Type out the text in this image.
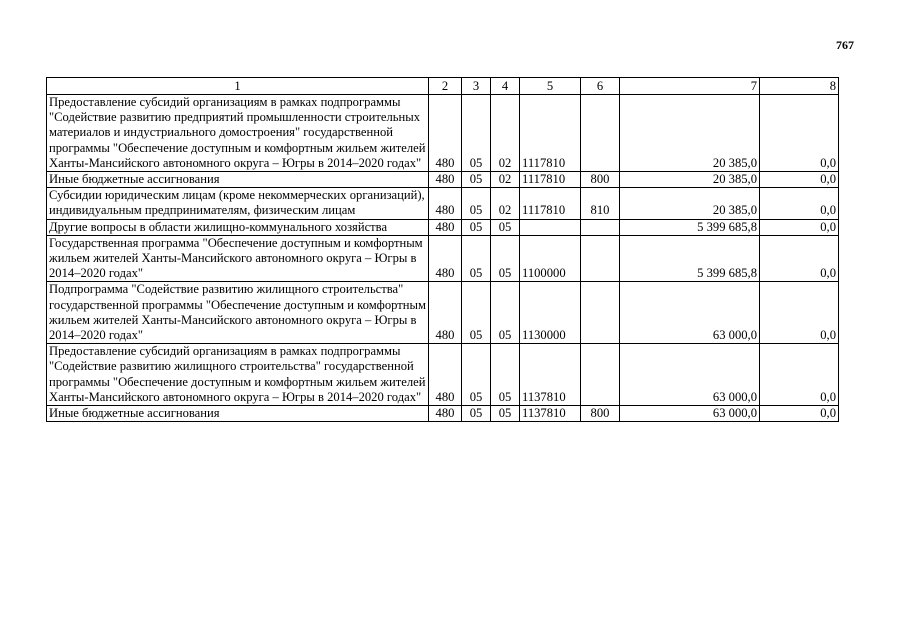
767
1	2	3	4	5	6	7	8
Предоставление субсидий организациям в рамках подпрограммы "Содействие развитию предприятий промышленности строительных материалов и индустриального домостроения" государственной программы "Обеспечение доступным и комфортным жильем жителей Ханты-Мансийского автономного округа – Югры в 2014–2020 годах"	480	05	02	1117810		20 385,0	0,0
Иные бюджетные ассигнования	480	05	02	1117810	800	20 385,0	0,0
Субсидии юридическим лицам (кроме некоммерческих организаций), индивидуальным предпринимателям, физическим лицам	480	05	02	1117810	810	20 385,0	0,0
Другие вопросы в области жилищно-коммунального хозяйства	480	05	05			5 399 685,8	0,0
Государственная программа "Обеспечение доступным и комфортным жильем жителей Ханты-Мансийского автономного округа – Югры в 2014–2020 годах"	480	05	05	1100000		5 399 685,8	0,0
Подпрограмма "Содействие развитию жилищного строительства" государственной программы "Обеспечение доступным и комфортным жильем жителей Ханты-Мансийского автономного округа – Югры в 2014–2020 годах"	480	05	05	1130000		63 000,0	0,0
Предоставление субсидий организациям в рамках подпрограммы "Содействие развитию жилищного строительства" государственной программы "Обеспечение доступным и комфортным жильем жителей Ханты-Мансийского автономного округа – Югры в 2014–2020 годах"	480	05	05	1137810		63 000,0	0,0
Иные бюджетные ассигнования	480	05	05	1137810	800	63 000,0	0,0
